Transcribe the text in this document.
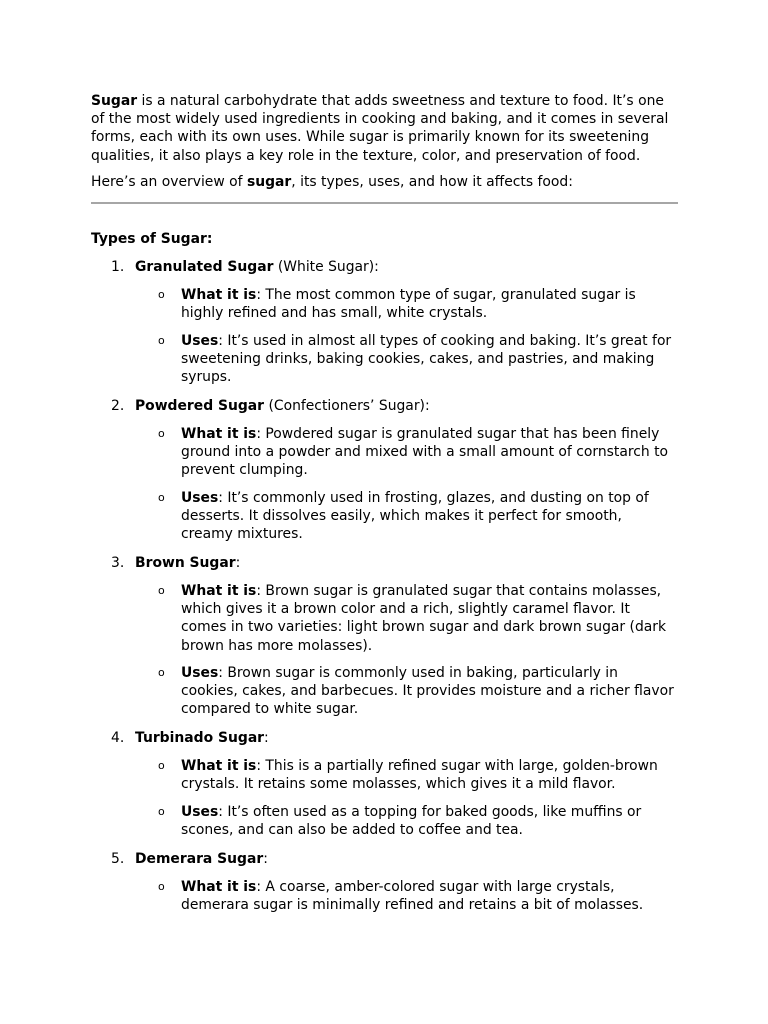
Sugar is a natural carbohydrate that adds sweetness and texture to food. It’s one of the most widely used ingredients in cooking and baking, and it comes in several forms, each with its own uses. While sugar is primarily known for its sweetening qualities, it also plays a key role in the texture, color, and preservation of food.

Here’s an overview of sugar, its types, uses, and how it affects food:

Types of Sugar:

1. Granulated Sugar (White Sugar):
o What it is: The most common type of sugar, granulated sugar is highly refined and has small, white crystals.
o Uses: It’s used in almost all types of cooking and baking. It’s great for sweetening drinks, baking cookies, cakes, and pastries, and making syrups.
2. Powdered Sugar (Confectioners’ Sugar):
o What it is: Powdered sugar is granulated sugar that has been finely ground into a powder and mixed with a small amount of cornstarch to prevent clumping.
o Uses: It’s commonly used in frosting, glazes, and dusting on top of desserts. It dissolves easily, which makes it perfect for smooth, creamy mixtures.
3. Brown Sugar:
o What it is: Brown sugar is granulated sugar that contains molasses, which gives it a brown color and a rich, slightly caramel flavor. It comes in two varieties: light brown sugar and dark brown sugar (dark brown has more molasses).
o Uses: Brown sugar is commonly used in baking, particularly in cookies, cakes, and barbecues. It provides moisture and a richer flavor compared to white sugar.
4. Turbinado Sugar:
o What it is: This is a partially refined sugar with large, golden-brown crystals. It retains some molasses, which gives it a mild flavor.
o Uses: It’s often used as a topping for baked goods, like muffins or scones, and can also be added to coffee and tea.
5. Demerara Sugar:
o What it is: A coarse, amber-colored sugar with large crystals, demerara sugar is minimally refined and retains a bit of molasses.
